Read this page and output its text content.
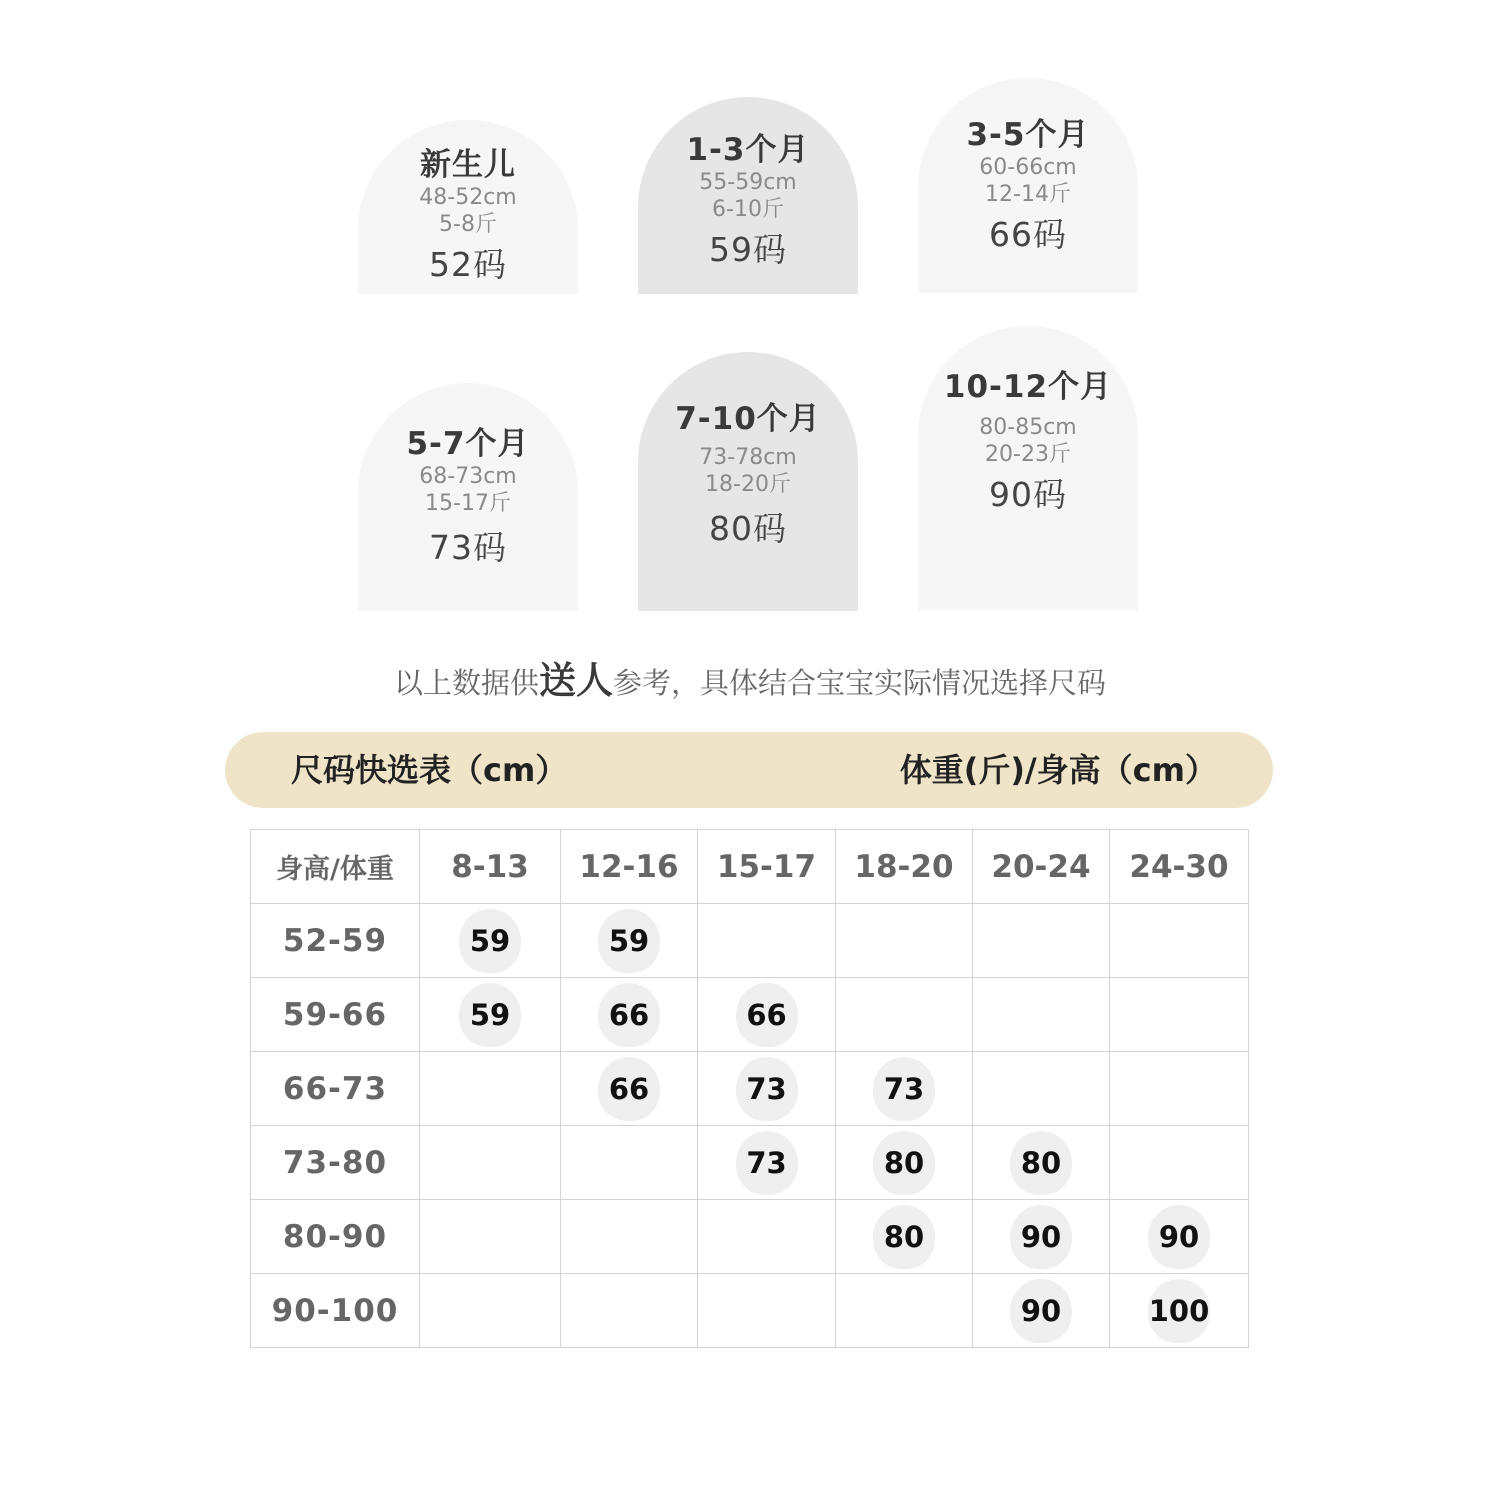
新生儿
48-52cm
5-8斤
52码
1-3个月
55-59cm
6-10斤
59码
3-5个月
60-66cm
12-14斤
66码
5-7个月
68-73cm
15-17斤
73码
7-10个月
73-78cm
18-20斤
80码
10-12个月
80-85cm
20-23斤
90码
以上数据供送人参考，具体结合宝宝实际情况选择尺码
尺码快选表（cm）	体重(斤)/身高（cm）
身高/体重	8-13	12-16	15-17	18-20	20-24	24-30
52-59	59	59				
59-66	59	66	66			
66-73		66	73	73		
73-80			73	80	80	
80-90				80	90	90
90-100					90	100
